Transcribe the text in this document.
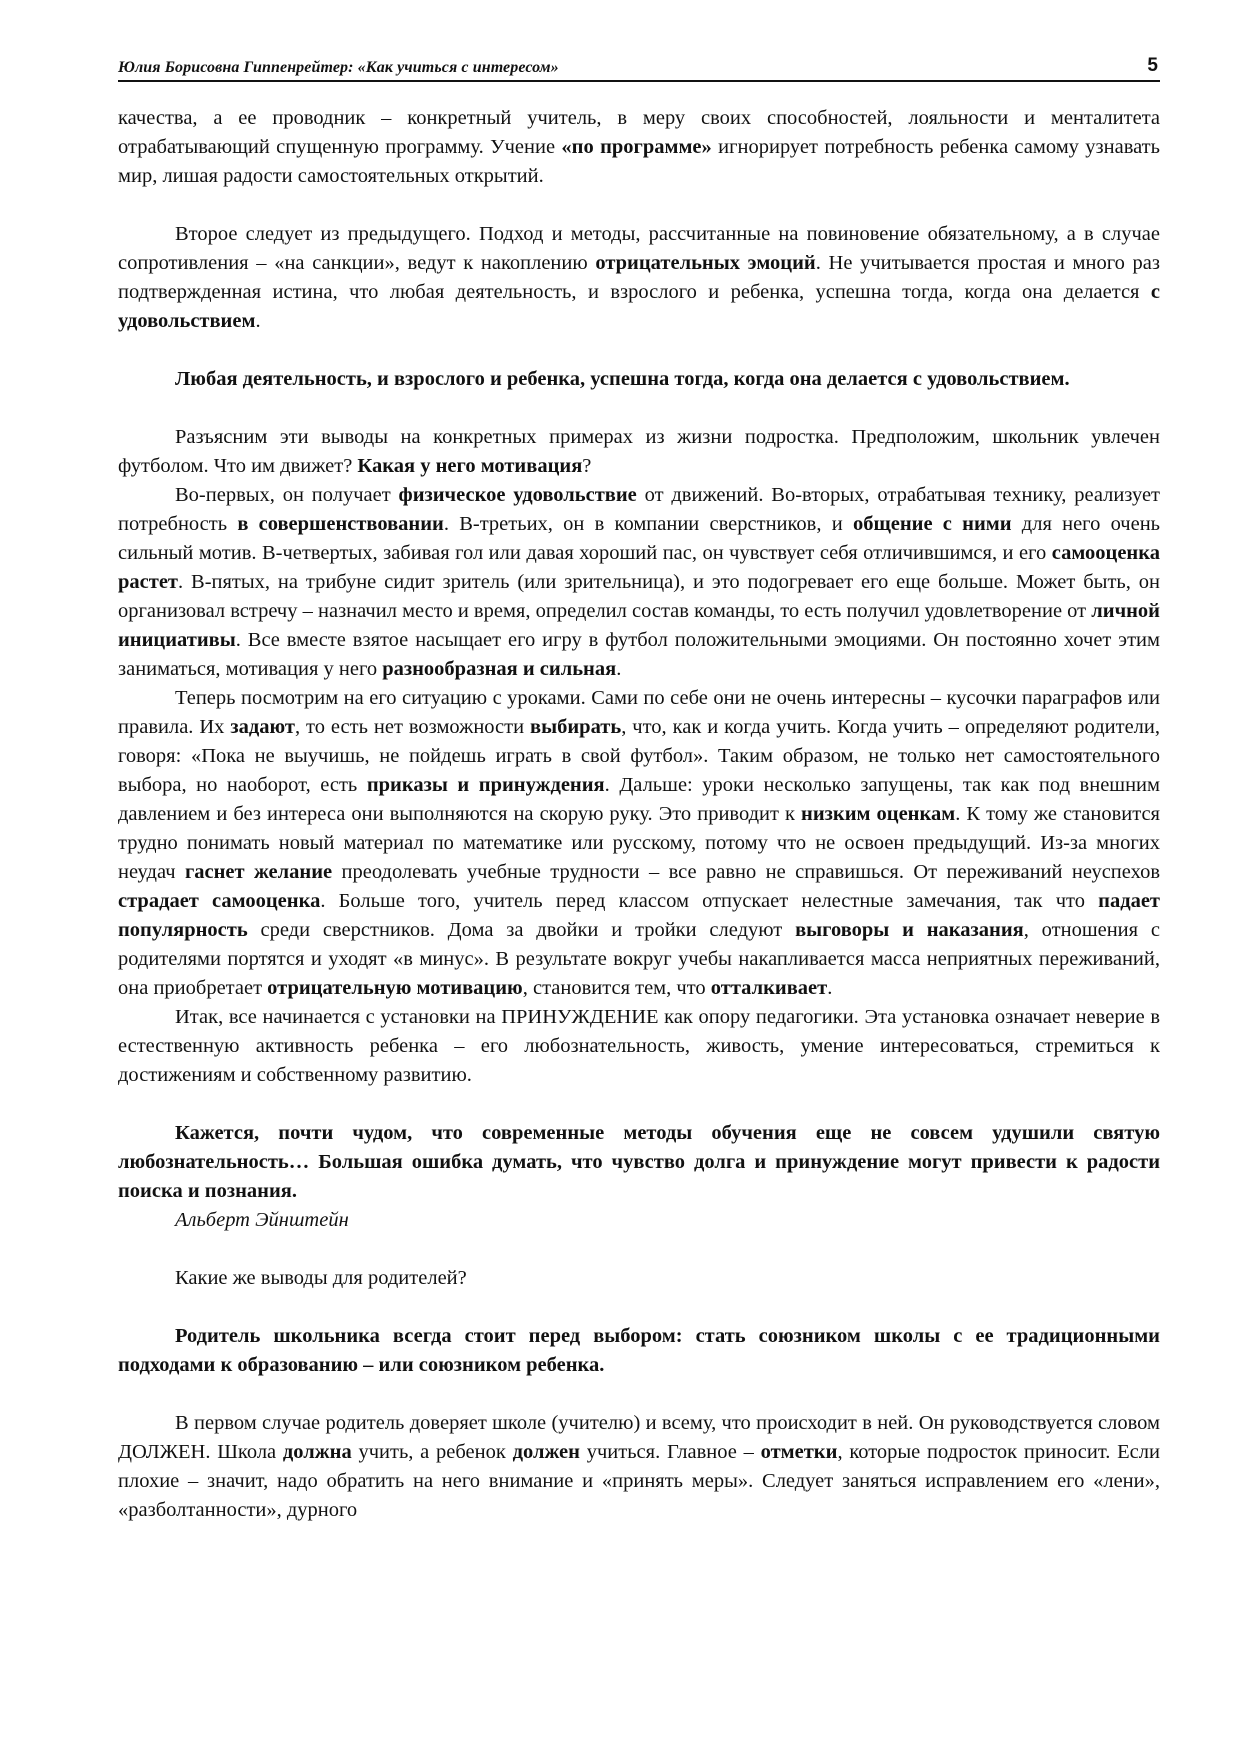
Юлия Борисовна Гиппенрейтер: «Как учиться с интересом»	5

качества, а ее проводник – конкретный учитель, в меру своих способностей, лояльности и менталитета отрабатывающий спущенную программу. Учение «по программе» игнорирует потребность ребенка самому узнавать мир, лишая радости самостоятельных открытий.

Второе следует из предыдущего. Подход и методы, рассчитанные на повиновение обязательному, а в случае сопротивления – «на санкции», ведут к накоплению отрицательных эмоций. Не учитывается простая и много раз подтвержденная истина, что любая деятельность, и взрослого и ребенка, успешна тогда, когда она делается с удовольствием.

Любая деятельность, и взрослого и ребенка, успешна тогда, когда она делается с удовольствием.

Разъясним эти выводы на конкретных примерах из жизни подростка. Предположим, школьник увлечен футболом. Что им движет? Какая у него мотивация?

Во-первых, он получает физическое удовольствие от движений. Во-вторых, отрабатывая технику, реализует потребность в совершенствовании. В-третьих, он в компании сверстников, и общение с ними для него очень сильный мотив. В-четвертых, забивая гол или давая хороший пас, он чувствует себя отличившимся, и его самооценка растет. В-пятых, на трибуне сидит зритель (или зрительница), и это подогревает его еще больше. Может быть, он организовал встречу – назначил место и время, определил состав команды, то есть получил удовлетворение от личной инициативы. Все вместе взятое насыщает его игру в футбол положительными эмоциями. Он постоянно хочет этим заниматься, мотивация у него разнообразная и сильная.

Теперь посмотрим на его ситуацию с уроками. Сами по себе они не очень интересны – кусочки параграфов или правила. Их задают, то есть нет возможности выбирать, что, как и когда учить. Когда учить – определяют родители, говоря: «Пока не выучишь, не пойдешь играть в свой футбол». Таким образом, не только нет самостоятельного выбора, но наоборот, есть приказы и принуждения. Дальше: уроки несколько запущены, так как под внешним давлением и без интереса они выполняются на скорую руку. Это приводит к низким оценкам. К тому же становится трудно понимать новый материал по математике или русскому, потому что не освоен предыдущий. Из-за многих неудач гаснет желание преодолевать учебные трудности – все равно не справишься. От переживаний неуспехов страдает самооценка. Больше того, учитель перед классом отпускает нелестные замечания, так что падает популярность среди сверстников. Дома за двойки и тройки следуют выговоры и наказания, отношения с родителями портятся и уходят «в минус». В результате вокруг учебы накапливается масса неприятных переживаний, она приобретает отрицательную мотивацию, становится тем, что отталкивает.

Итак, все начинается с установки на ПРИНУЖДЕНИЕ как опору педагогики. Эта установка означает неверие в естественную активность ребенка – его любознательность, живость, умение интересоваться, стремиться к достижениям и собственному развитию.

Кажется, почти чудом, что современные методы обучения еще не совсем удушили святую любознательность… Большая ошибка думать, что чувство долга и принуждение могут привести к радости поиска и познания.

Альберт Эйнштейн

Какие же выводы для родителей?

Родитель школьника всегда стоит перед выбором: стать союзником школы с ее традиционными подходами к образованию – или союзником ребенка.

В первом случае родитель доверяет школе (учителю) и всему, что происходит в ней. Он руководствуется словом ДОЛЖЕН. Школа должна учить, а ребенок должен учиться. Главное – отметки, которые подросток приносит. Если плохие – значит, надо обратить на него внимание и «принять меры». Следует заняться исправлением его «лени», «разболтанности», дурного
